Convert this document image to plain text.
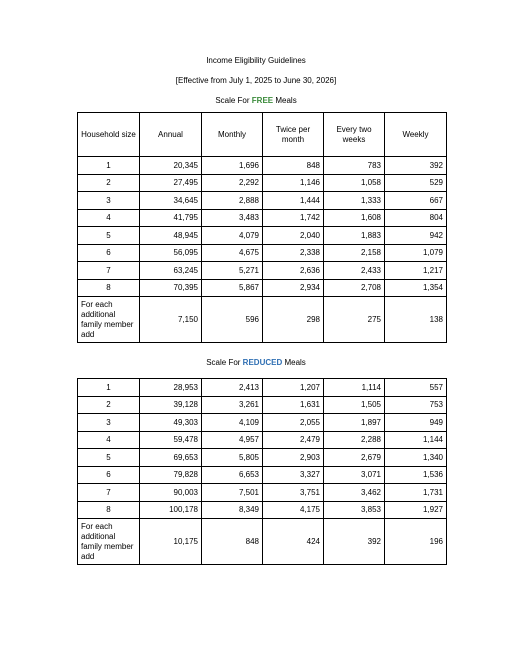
Income Eligibility Guidelines
[Effective from July 1, 2025 to June 30, 2026]
Scale For FREE Meals
Household size	Annual	Monthly	Twice per month	Every two weeks	Weekly
1	20,345	1,696	848	783	392
2	27,495	2,292	1,146	1,058	529
3	34,645	2,888	1,444	1,333	667
4	41,795	3,483	1,742	1,608	804
5	48,945	4,079	2,040	1,883	942
6	56,095	4,675	2,338	2,158	1,079
7	63,245	5,271	2,636	2,433	1,217
8	70,395	5,867	2,934	2,708	1,354
For each additional family member add	7,150	596	298	275	138
Scale For REDUCED Meals
1	28,953	2,413	1,207	1,114	557
2	39,128	3,261	1,631	1,505	753
3	49,303	4,109	2,055	1,897	949
4	59,478	4,957	2,479	2,288	1,144
5	69,653	5,805	2,903	2,679	1,340
6	79,828	6,653	3,327	3,071	1,536
7	90,003	7,501	3,751	3,462	1,731
8	100,178	8,349	4,175	3,853	1,927
For each additional family member add	10,175	848	424	392	196
